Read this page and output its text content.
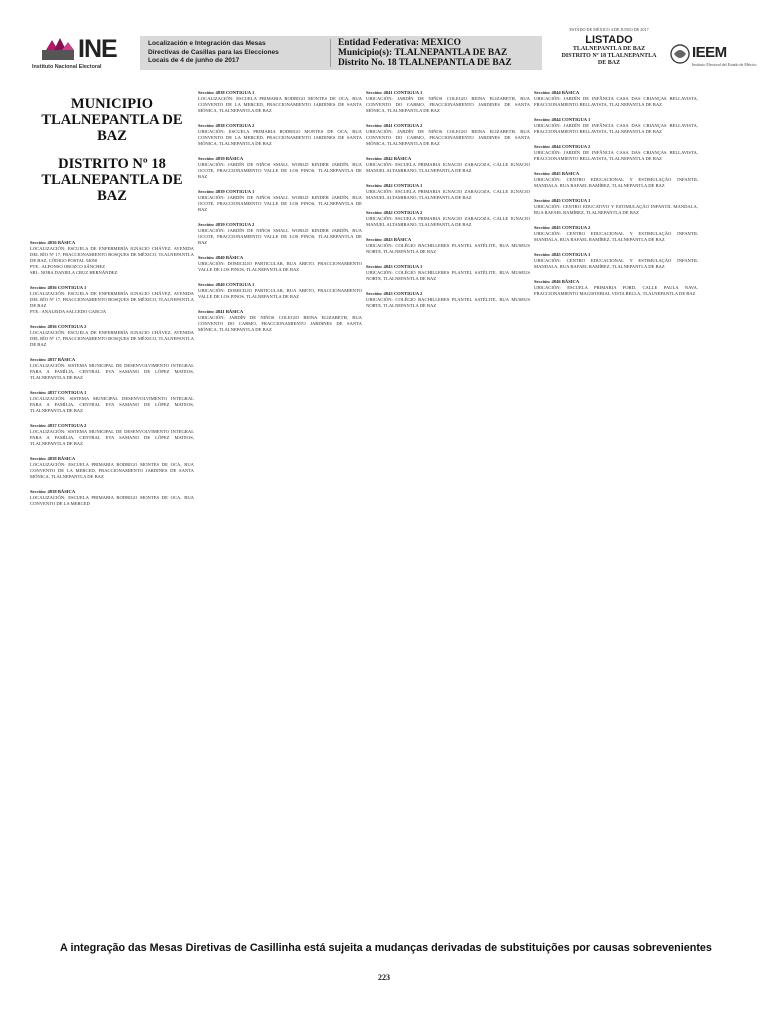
INE
Instituto Nacional Electoral
Localización e Integración das Mesas
Directivas de Casillas para las Elecciones
Locais de 4 de junho de 2017
Entidad Federativa: MEXICO
Municipio(s): TLALNEPANTLA DE BAZ
Distrito No. 18 TLALNEPANTLA DE BAZ
ESTADO DE MÉXICO 4 DE JUNIO DE 2017
LISTADO
TLALNEPANTLA DE BAZ
DISTRITO Nº 18 TLALNEPANTLA
DE BAZ
IEEM
Instituto Electoral del Estado de México
MUNICIPIO
TLALNEPANTLA DE BAZ
DISTRITO Nº 18
TLALNEPANTLA DE BAZ
Sección: 4836 BÁSICA
LOCALIZACIÓN: ESCUELA DE ENFERMERÍA IGNACIO CHÁVEZ, AVENIDA DEL RÍO Nº 17, FRACCIONAMIENTO BOSQUES DE MÉXICO, TLALNEPANTLA DE BAZ, CÓDIGO POSTAL 54050
PTE.: ALFONSO OROZCO SÁNCHEZ
SRI.: NORA DANIELA CRUZ HERNÁNDEZ
Sección: 4836 CONTIGUA 1
LOCALIZACIÓN: ESCUELA DE ENFERMERÍA IGNACIO CHÁVEZ, AVENIDA DEL RÍO Nº 17, FRACCIONAMIENTO BOSQUES DE MÉXICO, TLALNEPANTLA DE BAZ
PTE.: ANALEIDA SALCEDO GARCIA
Sección: 4836 CONTIGUA 2
LOCALIZACIÓN: ESCUELA DE ENFERMERÍA IGNACIO CHÁVEZ, AVENIDA DEL RÍO Nº 17, FRACCIONAMIENTO BOSQUES DE MÉXICO, TLALNEPANTLA DE BAZ
Sección: 4837 BÁSICA
LOCALIZACIÓN: SISTEMA MUNICIPAL DE DESENVOLVIMENTO INTEGRAL PARA A FAMÍLIA, CENTRAL EVA SAMANO DE LÓPEZ MATEOS, TLALNEPANTLA DE BAZ
Sección: 4837 CONTIGUA 1
LOCALIZACIÓN: SISTEMA MUNICIPAL DESENVOLVIMENTO INTEGRAL PARA A FAMÍLIA, CENTRAL EVA SAMANO DE LÓPEZ MATEOS, TLALNEPANTLA DE BAZ
Sección: 4837 CONTIGUA 2
LOCALIZACIÓN: SISTEMA MUNICIPAL DE DESENVOLVIMENTO INTEGRAL PARA A FAMÍLIA, CENTRAL EVA SAMANO DE LÓPEZ MATEOS, TLALNEPANTLA DE BAZ
Sección: 4838 BÁSICA
LOCALIZACIÓN: ESCUELA PRIMARIA RODRIGO MONTES DE OCA, RUA CONVENTO DE LA MERCED, FRACCIONAMIENTO JARDINES DE SANTA MÓNICA, TLALNEPANTLA DE BAZ
Sección: 4838 BÁSICA
LOCALIZACIÓN: ESCUELA PRIMARIA RODRIGO MONTES DE OCA, RUA CONVENTO DE LA MERCED
Sección: 4838 CONTIGUA 1
LOCALIZACIÓN: ESCUELA PRIMARIA RODRIGO MONTES DE OCA, RUA CONVENTO DE LA MERCED, FRACCIONAMIENTO JARDINES DE SANTA MÓNICA, TLALNEPANTLA DE BAZ
Sección: 4838 CONTIGUA 2
UBICACIÓN: ESCUELA PRIMARIA RODRIGO MONTES DE OCA, RUA CONVENTO DE LA MERCED, FRACCIONAMIENTO JARDINES DE SANTA MÓNICA, TLALNEPANTLA DE BAZ
Sección: 4839 BÁSICA
UBICACIÓN: JARDÍN DE NIÑOS SMALL WORLD KINDER JARDÍN, RUA OCOTE, FRACCIONAMIENTO VALLE DE LOS PINOS, TLALNEPANTLA DE BAZ
Sección: 4839 CONTIGUA 1
UBICACIÓN: JARDÍN DE NIÑOS SMALL WORLD KINDER JARDÍN, RUA OCOTE, FRACCIONAMIENTO VALLE DE LOS PINOS, TLALNEPANTLA DE BAZ
Sección: 4839 CONTIGUA 2
UBICACIÓN: JARDÍN DE NIÑOS SMALL WORLD KINDER JARDÍN, RUA OCOTE, FRACCIONAMIENTO VALLE DE LOS PINOS, TLALNEPANTLA DE BAZ
Sección: 4840 BÁSICA
UBICACIÓN: DOMICILIO PARTICULAR, RUA ABETO, FRACCIONAMIENTO VALLE DE LOS PINOS, TLALNEPANTLA DE BAZ
Sección: 4840 CONTIGUA 1
UBICACIÓN: DOMICILIO PARTICULAR, RUA ABETO, FRACCIONAMIENTO VALLE DE LOS PINOS, TLALNEPANTLA DE BAZ
Sección: 4841 BÁSICA
UBICACIÓN: JARDÍN DE NIÑOS COLEGIO REINA ELIZABETH, RUA CONVENTO DO CARMO, FRACCIONAMIENTO JARDINES DE SANTA MÓNICA, TLALNEPANTLA DE BAZ
Sección: 4841 CONTIGUA 1
UBICACIÓN: JARDÍN DE NIÑOS COLEGIO REINA ELIZABETH, RUA CONVENTO DO CARMO, FRACCIONAMIENTO JARDINES DE SANTA MÓNICA, TLALNEPANTLA DE BAZ
Sección: 4841 CONTIGUA 2
UBICACIÓN: JARDÍN DE NIÑOS COLEGIO REINA ELIZABETH, RUA CONVENTO DO CARMO, FRACCIONAMIENTO JARDINES DE SANTA MÓNICA, TLALNEPANTLA DE BAZ
Sección: 4842 BÁSICA
UBICACIÓN: ESCUELA PRIMARIA IGNACIO ZARAGOZA, CALLE IGNACIO MANUEL ALTAMIRANO, TLALNEPANTLA DE BAZ
Sección: 4842 CONTIGUA 1
UBICACIÓN: ESCUELA PRIMARIA IGNACIO ZARAGOZA, CALLE IGNACIO MANUEL ALTAMIRANO, TLALNEPANTLA DE BAZ
Sección: 4842 CONTIGUA 2
UBICACIÓN: ESCUELA PRIMARIA IGNACIO ZARAGOZA, CALLE IGNACIO MANUEL ALTAMIRANO, TLALNEPANTLA DE BAZ
Sección: 4843 BÁSICA
UBICACIÓN: COLÉGIO BACHILLERES PLANTEL SATÉLITE, RUA MUSEUS NORTE, TLALNEPANTLA DE BAZ
Sección: 4843 CONTIGUA 1
UBICACIÓN: COLÉGIO BACHILLERES PLANTEL SATÉLITE, RUA MUSEUS NORTE, TLALNEPANTLA DE BAZ
Sección: 4843 CONTIGUA 2
UBICACIÓN: COLÉGIO BACHILLERES PLANTEL SATÉLITE, RUA MUSEUS NORTE, TLALNEPANTLA DE BAZ
Sección: 4844 BÁSICA
UBICACIÓN: JARDÍN DE INFÂNCIA CASA DAS CRIANÇAS BELLAVISTA, FRACCIONAMIENTO BELLAVISTA, TLALNEPANTLA DE BAZ
Sección: 4844 CONTIGUA 1
UBICACIÓN: JARDÍN DE INFÂNCIA CASA DAS CRIANÇAS BELLAVISTA, FRACCIONAMIENTO BELLAVISTA, TLALNEPANTLA DE BAZ
Sección: 4844 CONTIGUA 2
UBICACIÓN: JARDÍN DE INFÂNCIA CASA DAS CRIANÇAS BELLAVISTA, FRACCIONAMIENTO BELLAVISTA, TLALNEPANTLA DE BAZ
Sección: 4845 BÁSICA
UBICACIÓN: CENTRO EDUCACIONAL Y ESTIMULAÇÃO INFANTIL MANDALA, RUA RAFAEL RAMÍREZ, TLALNEPANTLA DE BAZ
Sección: 4845 CONTIGUA 1
UBICACIÓN: CENTRO EDUCATIVO Y ESTIMULAÇÃO INFANTIL MANDALA, RUA RAFAEL RAMÍREZ, TLALNEPANTLA DE BAZ
Sección: 4845 CONTIGUA 2
UBICACIÓN: CENTRO EDUCACIONAL Y ESTIMULAÇÃO INFANTIL MANDALA, RUA RAFAEL RAMÍREZ, TLALNEPANTLA DE BAZ
Sección: 4845 CONTIGUA 3
UBICACIÓN: CENTRO EDUCACIONAL Y ESTIMULAÇÃO INFANTIL MANDALA, RUA RAFAEL RAMÍREZ, TLALNEPANTLA DE BAZ
Sección: 4846 BÁSICA
UBICACIÓN: ESCUELA PRIMARIA FORD, CALLE PAULA NAVA, FRACCIONAMIENTO MAGISTERIAL VISTA BELLA, TLALNEPANTLA DE BAZ
A integração das Mesas Diretivas de Casillinha está sujeita a mudanças derivadas de substituições por causas sobrevenientes
223
